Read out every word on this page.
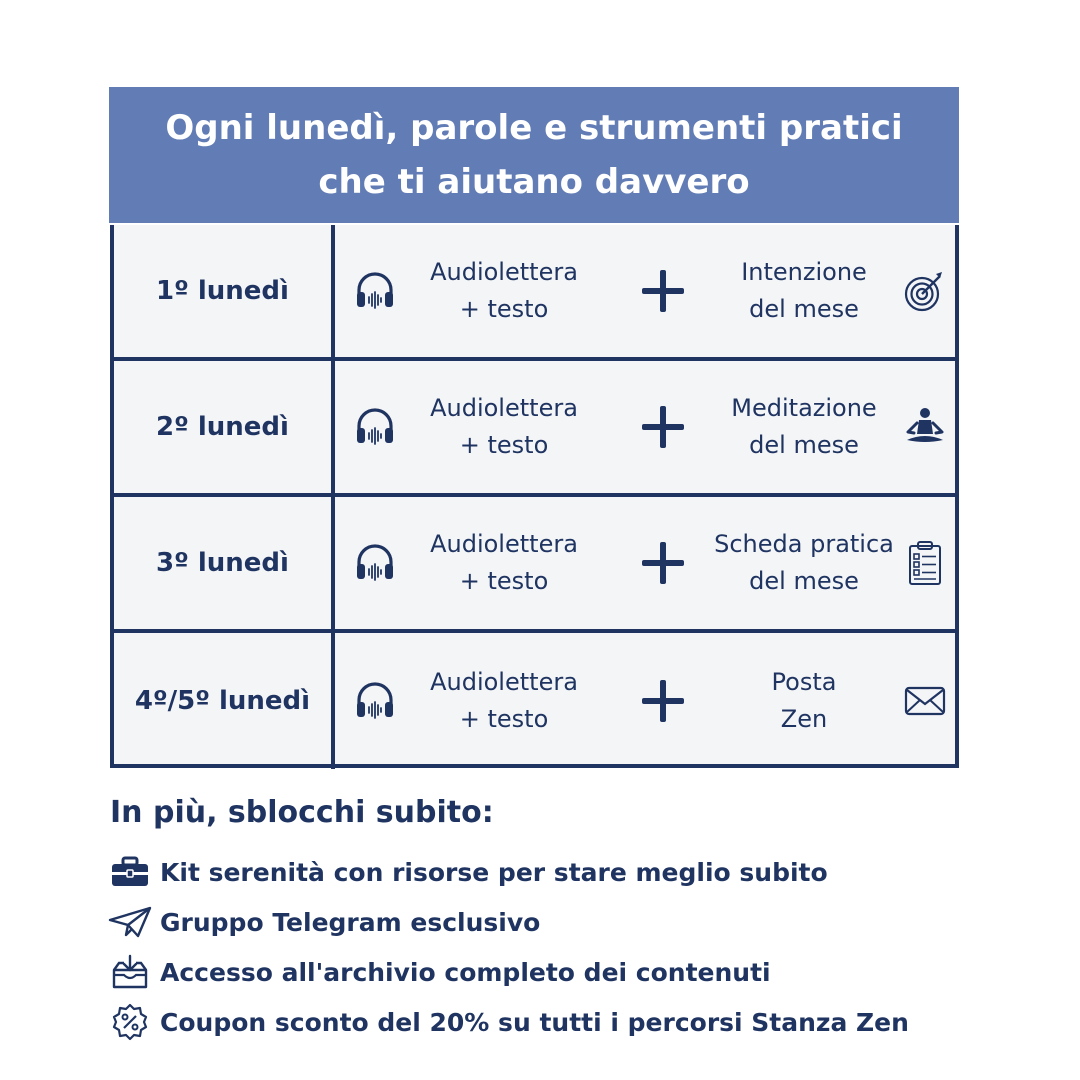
Ogni lunedì, parole e strumenti pratici
che ti aiutano davvero
1º lunedì
Audiolettera
+ testo
Intenzione
del mese
2º lunedì
Audiolettera
+ testo
Meditazione
del mese
3º lunedì
Audiolettera
+ testo
Scheda pratica
del mese
4º/5º lunedì
Audiolettera
+ testo
Posta
Zen
In più, sblocchi subito:
Kit serenità con risorse per stare meglio subito
Gruppo Telegram esclusivo
Accesso all'archivio completo dei contenuti
Coupon sconto del 20% su tutti i percorsi Stanza Zen
